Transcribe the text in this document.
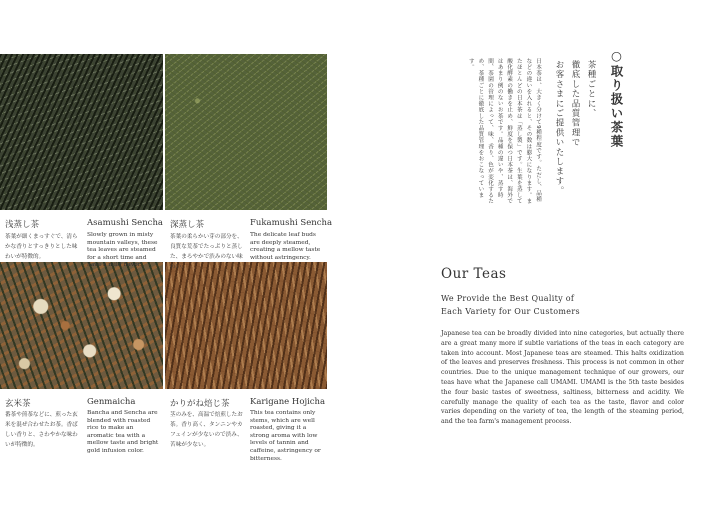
浅蒸し茶	Asamushi Sencha
茶葉が細くまっすぐで、清らかな香りとすっきりとした味わいが特徴的。
Slowly grown in misty mountain valleys, these tea leaves are steamed for a short time and have a mild flavor.
深蒸し茶	Fukamushi Sencha
茶葉の柔らかい芽の部分を、良質な荒茶でたっぷりと蒸した、まろやかで渋みのない味わい。
The delicate leaf buds are deeply steamed, creating a mellow taste without astringency.
玄米茶	Genmaicha
番茶や煎茶などに、煎った玄米を混ぜ合わせたお茶。香ばしい香りと、さわやかな味わいが特徴的。
Bancha and Sencha are blended with roasted rice to make an aromatic tea with a mellow taste and bright gold infusion color.
かりがね焙じ茶 Karigane Hojicha
茎のみを、高温で焙煎したお茶。香り高く、タンニンやカフェインが少ないので渋み、苦味が少ない。
This tea contains only stems, which are well roasted, giving it a strong aroma with low levels of tannin and caffeine, astringency or bitterness.
○取り扱い茶葉
茶種ごとに、
徹底した品質管理で
お客さまにご提供いたします。
日本茶は、大きく分けて9種程度です。ただし、品種などの違いを入れると、その数は膨大になります。またほとんどの日本茶は「蒸し製」です。生葉を蒸して酸化酵素の働きを止め、鮮度を保つ日本茶は、海外ではあまり例のないお茶です。品種の違いや、蒸す時間、茶園の管理によって、味、香り、色が変化するため、茶種ごとに徹底した品質管理をおこなっています。
Our Teas
We Provide the Best Quality of
Each Variety for Our Customers
Japanese tea can be broadly divided into nine categories, but actually there are a great many more if subtle variations of the teas in each category are taken into account. Most Japanese teas are steamed. This halts oxidization of the leaves and preserves freshness. This process is not common in other countries. Due to the unique management technique of our growers, our teas have what the Japanese call UMAMI. UMAMI is the 5th taste besides the four basic tastes of sweetness, saltiness, bitterness and acidity. We carefully manage the quality of each tea as the taste, flavor and color varies depending on the variety of tea, the length of the steaming period, and the tea farm's management process.
